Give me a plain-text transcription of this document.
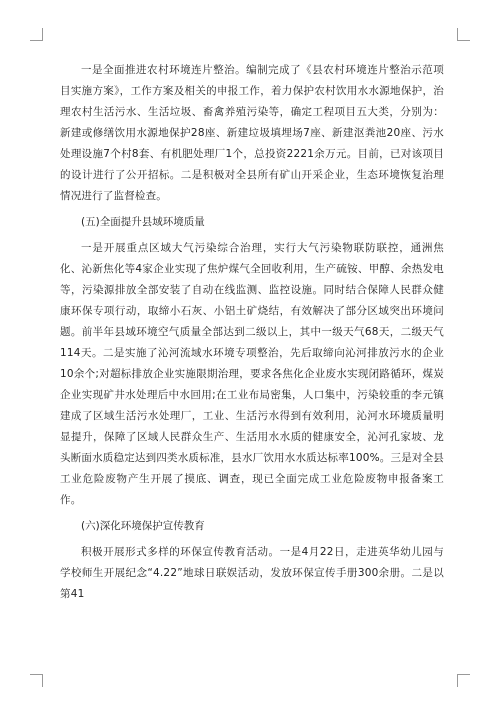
一是全面推进农村环境连片整治。编制完成了《县农村环境连片整治示范项目实施方案》，工作方案及相关的申报工作，着力保护农村饮用水水源地保护，治理农村生活污水、生活垃圾、畜禽养殖污染等，确定工程项目五大类，分别为：新建或修缮饮用水源地保护28座、新建垃圾填埋场7座、新建沤粪池20座、污水处理设施7个村8套、有机肥处理厂1个，总投资2221余万元。目前，已对该项目的设计进行了公开招标。二是积极对全县所有矿山开采企业，生态环境恢复治理情况进行了监督检查。

(五)全面提升县域环境质量

一是开展重点区域大气污染综合治理，实行大气污染物联防联控，通洲焦化、沁新焦化等4家企业实现了焦炉煤气全回收利用，生产硫铵、甲醇、余热发电等，污染源排放全部安装了自动在线监测、监控设施。同时结合保障人民群众健康环保专项行动，取缔小石灰、小铝土矿烧结，有效解决了部分区域突出环境问题。前半年县域环境空气质量全部达到二级以上，其中一级天气68天，二级天气114天。二是实施了沁河流域水环境专项整治，先后取缔向沁河排放污水的企业10余个;对超标排放企业实施限期治理，要求各焦化企业废水实现闭路循环，煤炭企业实现矿井水处理后中水回用;在工业布局密集，人口集中，污染较重的李元镇建成了区域生活污水处理厂，工业、生活污水得到有效利用，沁河水环境质量明显提升，保障了区域人民群众生产、生活用水水质的健康安全，沁河孔家坡、龙头断面水质稳定达到四类水质标准，县水厂饮用水水质达标率100%。三是对全县工业危险废物产生开展了摸底、调查，现已全面完成工业危险废物申报备案工作。

(六)深化环境保护宣传教育

积极开展形式多样的环保宣传教育活动。一是4月22日，走进英华幼儿园与学校师生开展纪念“4.22”地球日联娱活动，发放环保宣传手册300余册。二是以第41
